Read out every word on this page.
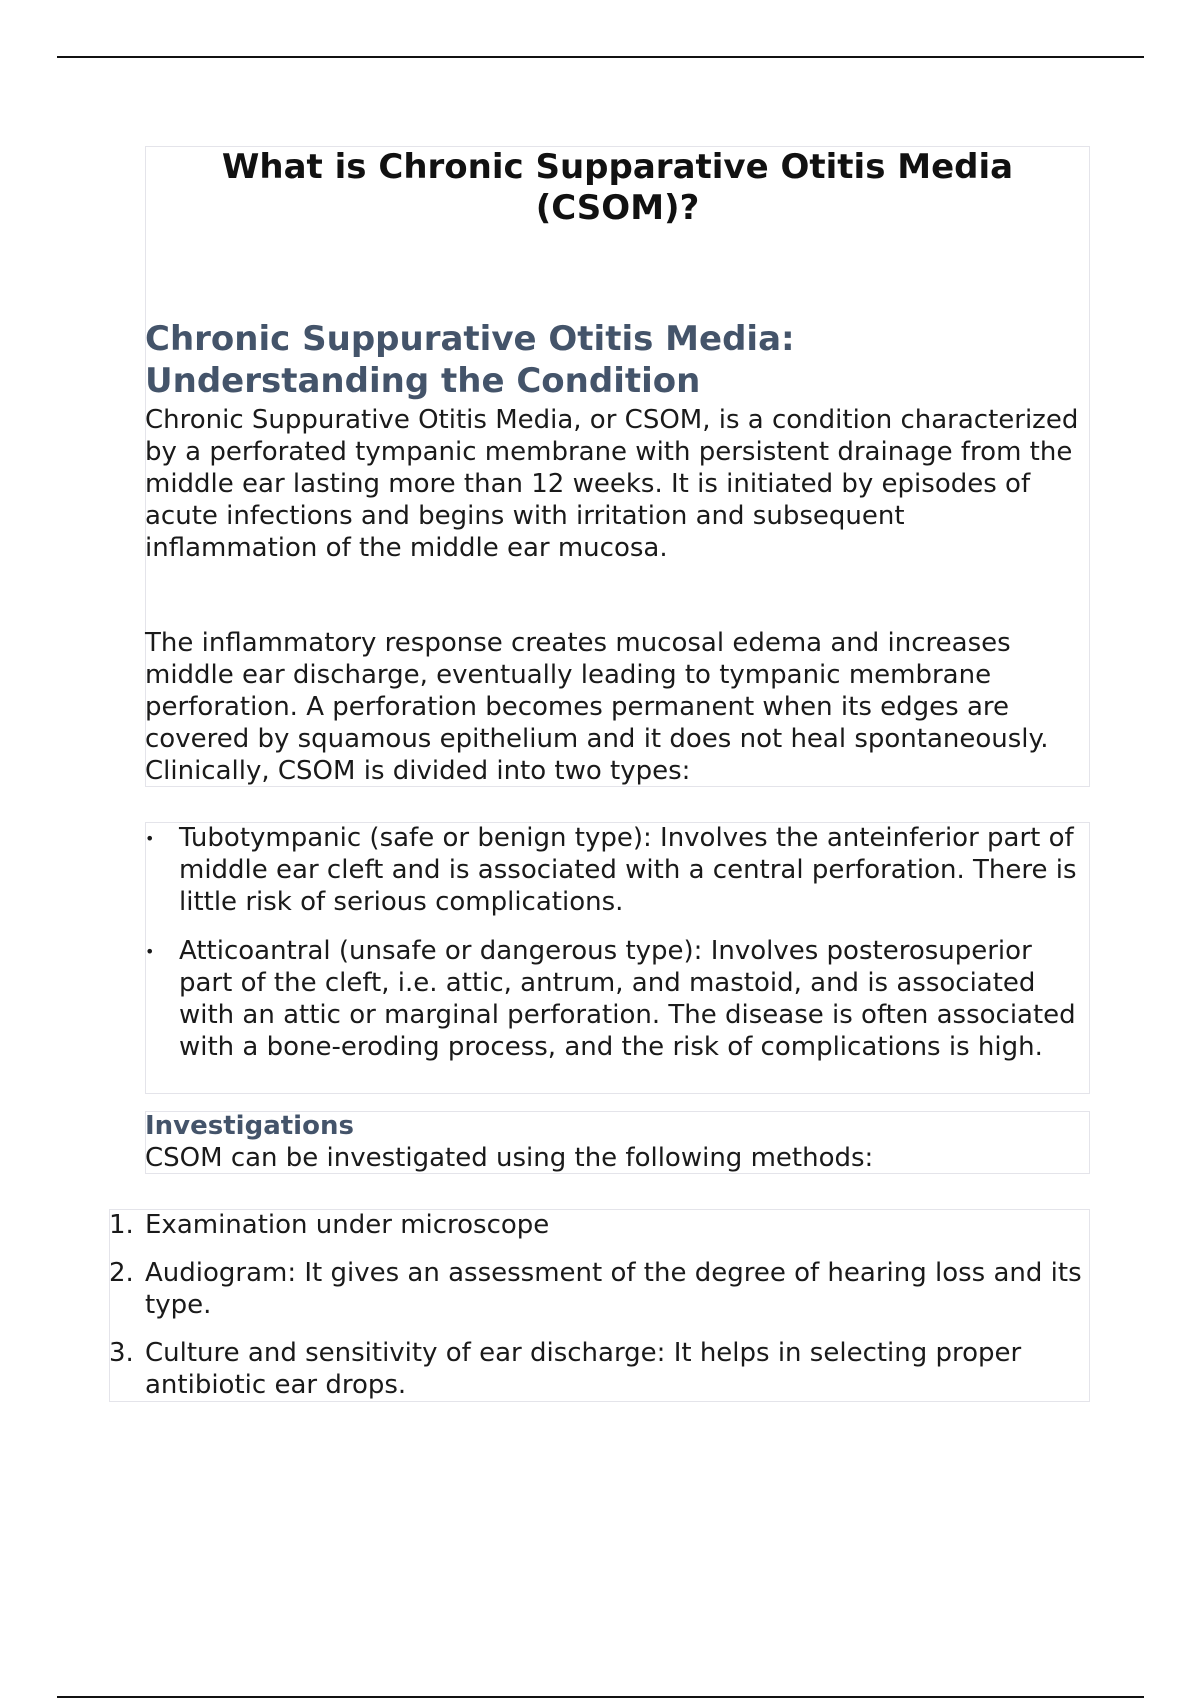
What is Chronic Supparative Otitis Media (CSOM)?
Chronic Suppurative Otitis Media: Understanding the Condition

Chronic Suppurative Otitis Media, or CSOM, is a condition characterized by a perforated tympanic membrane with persistent drainage from the middle ear lasting more than 12 weeks. It is initiated by episodes of acute infections and begins with irritation and subsequent inflammation of the middle ear mucosa.

The inflammatory response creates mucosal edema and increases middle ear discharge, eventually leading to tympanic membrane perforation. A perforation becomes permanent when its edges are covered by squamous epithelium and it does not heal spontaneously. Clinically, CSOM is divided into two types:

• Tubotympanic (safe or benign type): Involves the anteinferior part of middle ear cleft and is associated with a central perforation. There is little risk of serious complications.
• Atticoantral (unsafe or dangerous type): Involves posterosuperior part of the cleft, i.e. attic, antrum, and mastoid, and is associated with an attic or marginal perforation. The disease is often associated with a bone-eroding process, and the risk of complications is high.
Investigations

CSOM can be investigated using the following methods:

1. Examination under microscope
2. Audiogram: It gives an assessment of the degree of hearing loss and its type.
3. Culture and sensitivity of ear discharge: It helps in selecting proper antibiotic ear drops.
